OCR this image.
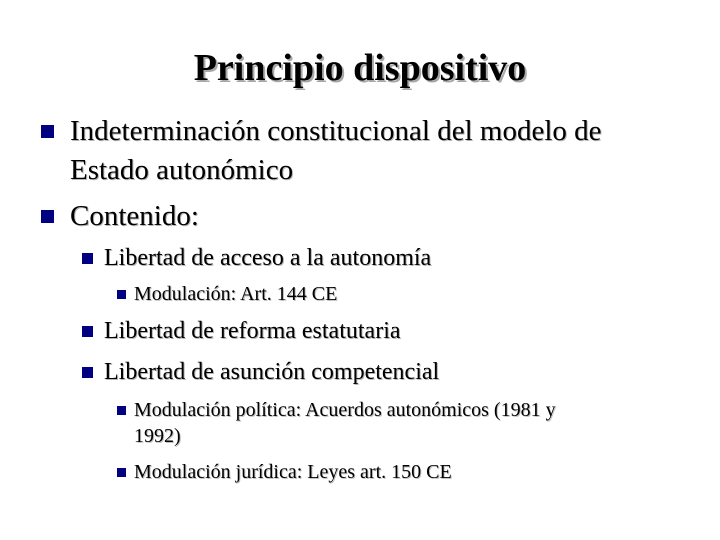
Principio dispositivo
Indeterminación constitucional del modelo de
Estado autonómico
Contenido:
Libertad de acceso a la autonomía
Modulación: Art. 144 CE
Libertad de reforma estatutaria
Libertad de asunción competencial
Modulación política: Acuerdos autonómicos (1981 y
1992)
Modulación jurídica: Leyes art. 150 CE
